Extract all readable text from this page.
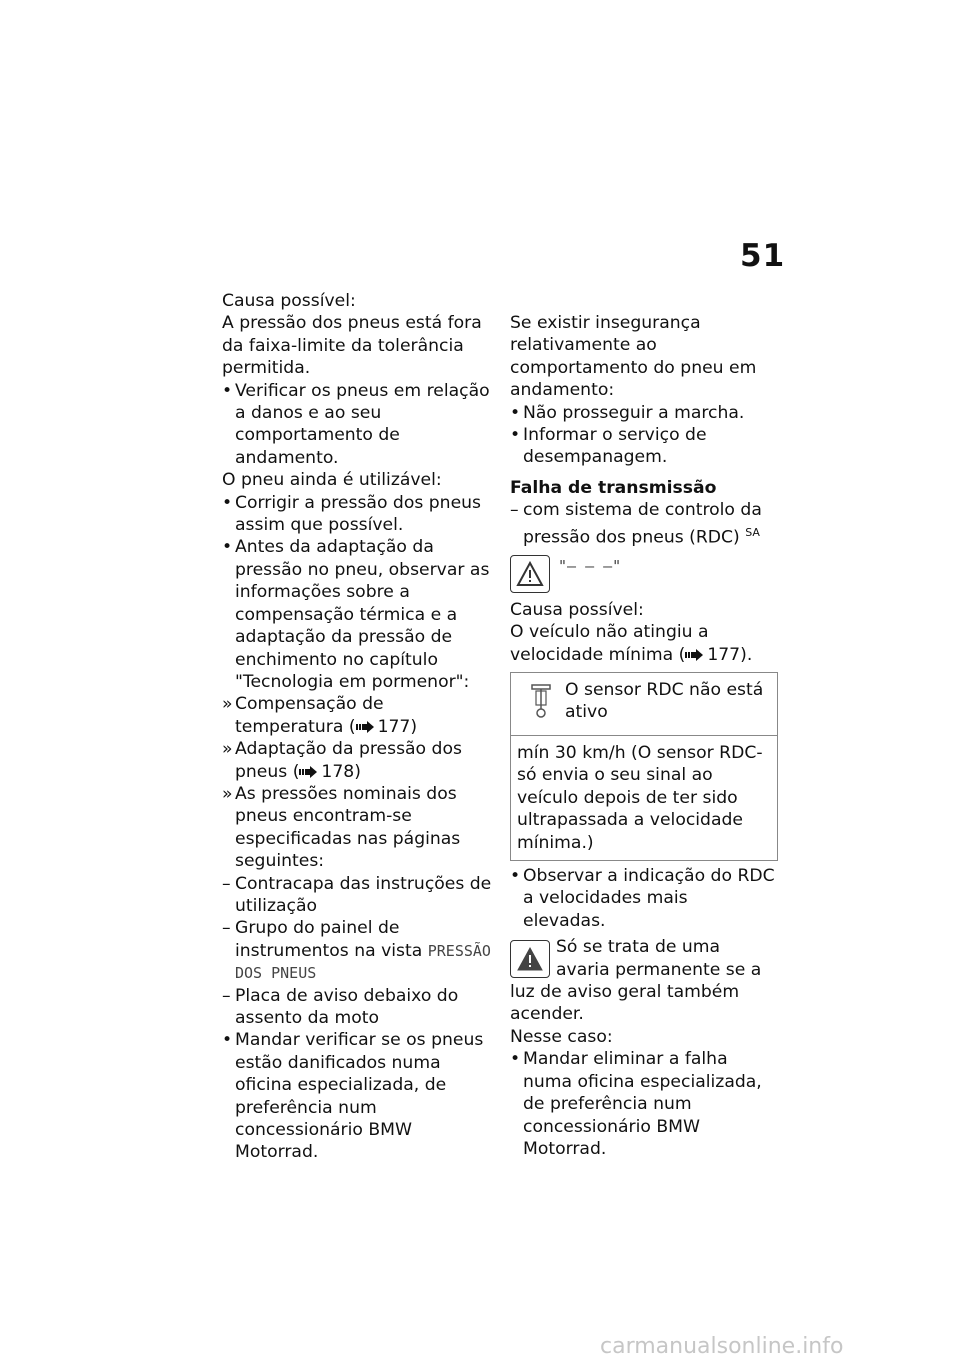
51

Causa possível:

A pressão dos pneus está fora da faixa-limite da tolerância permitida.

• Verificar os pneus em relação a danos e ao seu comportamento de andamento.

O pneu ainda é utilizável:

• Corrigir a pressão dos pneus assim que possível.

• Antes da adaptação da pressão no pneu, observar as informações sobre a compensação térmica e a adaptação da pressão de enchimento no capítulo "Tecnologia em pormenor":

» Compensação de temperatura ( 177)

» Adaptação da pressão dos pneus ( 178)

» As pressões nominais dos pneus encontram-se especificadas nas páginas seguintes:

– Contracapa das instruções de utilização

– Grupo do painel de instrumentos na vista PRESSÃO DOS PNEUS

– Placa de aviso debaixo do assento da moto

• Mandar verificar se os pneus estão danificados numa oficina especializada, de preferência num concessionário BMW Motorrad.

Se existir insegurança relativamente ao comportamento do pneu em andamento:

• Não prosseguir a marcha.

• Informar o serviço de desempanagem.

Falha de transmissão

– com sistema de controlo da pressão dos pneus (RDC) $^{SA}$

"– – –"

Causa possível:

O veículo não atingiu a velocidade mínima ( 177).

O sensor RDC não está ativo
mín 30 km/h (O sensor RDC-só envia o seu sinal ao veículo depois de ter sido ultrapassada a velocidade mínima.)

• Observar a indicação do RDC a velocidades mais elevadas.

Só se trata de uma avaria permanente se a luz de aviso geral também acender.

Nesse caso:

• Mandar eliminar a falha numa oficina especializada, de preferência num concessionário BMW Motorrad.

carmanualsonline.info
